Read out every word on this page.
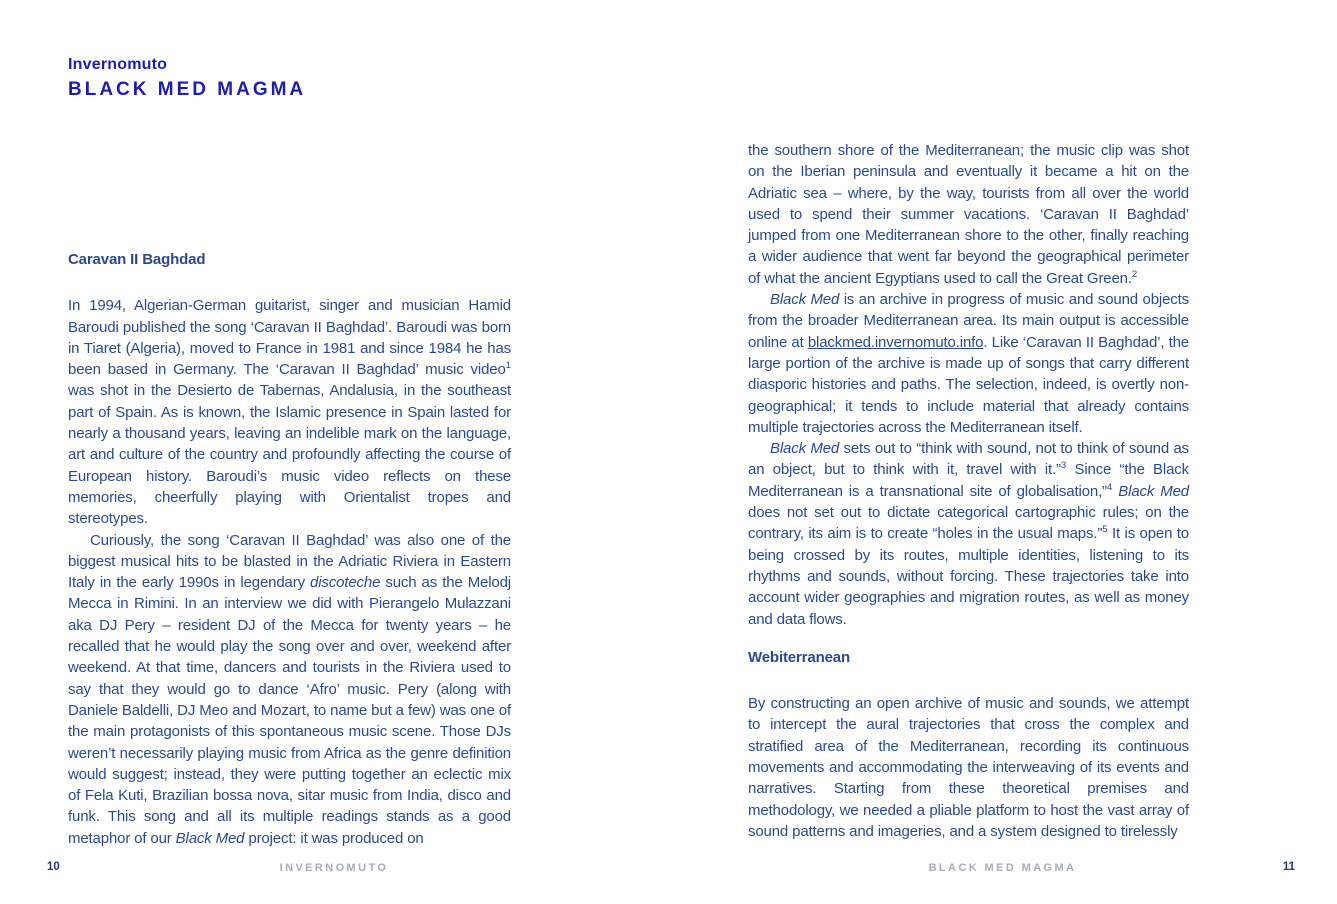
Invernomuto
BLACK MED MAGMA
Caravan II Baghdad

In 1994, Algerian-German guitarist, singer and musician Hamid Baroudi published the song ‘Caravan II Baghdad’. Baroudi was born in Tiaret (Algeria), moved to France in 1981 and since 1984 he has been based in Germany. The ‘Caravan II Baghdad’ music video$^1$ was shot in the Desierto de Tabernas, Andalusia, in the southeast part of Spain. As is known, the Islamic presence in Spain lasted for nearly a thousand years, leaving an indelible mark on the language, art and culture of the country and profoundly affecting the course of European history. Baroudi’s music video reflects on these memories, cheerfully playing with Orientalist tropes and stereotypes.

Curiously, the song ‘Caravan II Baghdad’ was also one of the biggest musical hits to be blasted in the Adriatic Riviera in Eastern Italy in the early 1990s in legendary discoteche such as the Melodj Mecca in Rimini. In an interview we did with Pierangelo Mulazzani aka DJ Pery – resident DJ of the Mecca for twenty years – he recalled that he would play the song over and over, weekend after weekend. At that time, dancers and tourists in the Riviera used to say that they would go to dance ‘Afro’ music. Pery (along with Daniele Baldelli, DJ Meo and Mozart, to name but a few) was one of the main protagonists of this spontaneous music scene. Those DJs weren’t necessarily playing music from Africa as the genre definition would suggest; instead, they were putting together an eclectic mix of Fela Kuti, Brazilian bossa nova, sitar music from India, disco and funk. This song and all its multiple readings stands as a good metaphor of our Black Med project: it was produced on

10	INVERNOMUTO

the southern shore of the Mediterranean; the music clip was shot on the Iberian peninsula and eventually it became a hit on the Adriatic sea – where, by the way, tourists from all over the world used to spend their summer vacations. ‘Caravan II Baghdad’ jumped from one Mediterranean shore to the other, finally reaching a wider audience that went far beyond the geographical perimeter of what the ancient Egyptians used to call the Great Green.$^2$

Black Med is an archive in progress of music and sound objects from the broader Mediterranean area. Its main output is accessible online at blackmed.invernomuto.info. Like ‘Caravan II Baghdad’, the large portion of the archive is made up of songs that carry different diasporic histories and paths. The selection, indeed, is overtly non-geographical; it tends to include material that already contains multiple trajectories across the Mediterranean itself.

Black Med sets out to “think with sound, not to think of sound as an object, but to think with it, travel with it.”$^3$ Since “the Black Mediterranean is a transnational site of globalisation,”$^4$ Black Med does not set out to dictate categorical cartographic rules; on the contrary, its aim is to create “holes in the usual maps.”$^5$ It is open to being crossed by its routes, multiple identities, listening to its rhythms and sounds, without forcing. These trajectories take into account wider geographies and migration routes, as well as money and data flows.

Webiterranean

By constructing an open archive of music and sounds, we attempt to intercept the aural trajectories that cross the complex and stratified area of the Mediterranean, recording its continuous movements and accommodating the interweaving of its events and narratives. Starting from these theoretical premises and methodology, we needed a pliable platform to host the vast array of sound patterns and imageries, and a system designed to tirelessly

BLACK MED MAGMA	11
